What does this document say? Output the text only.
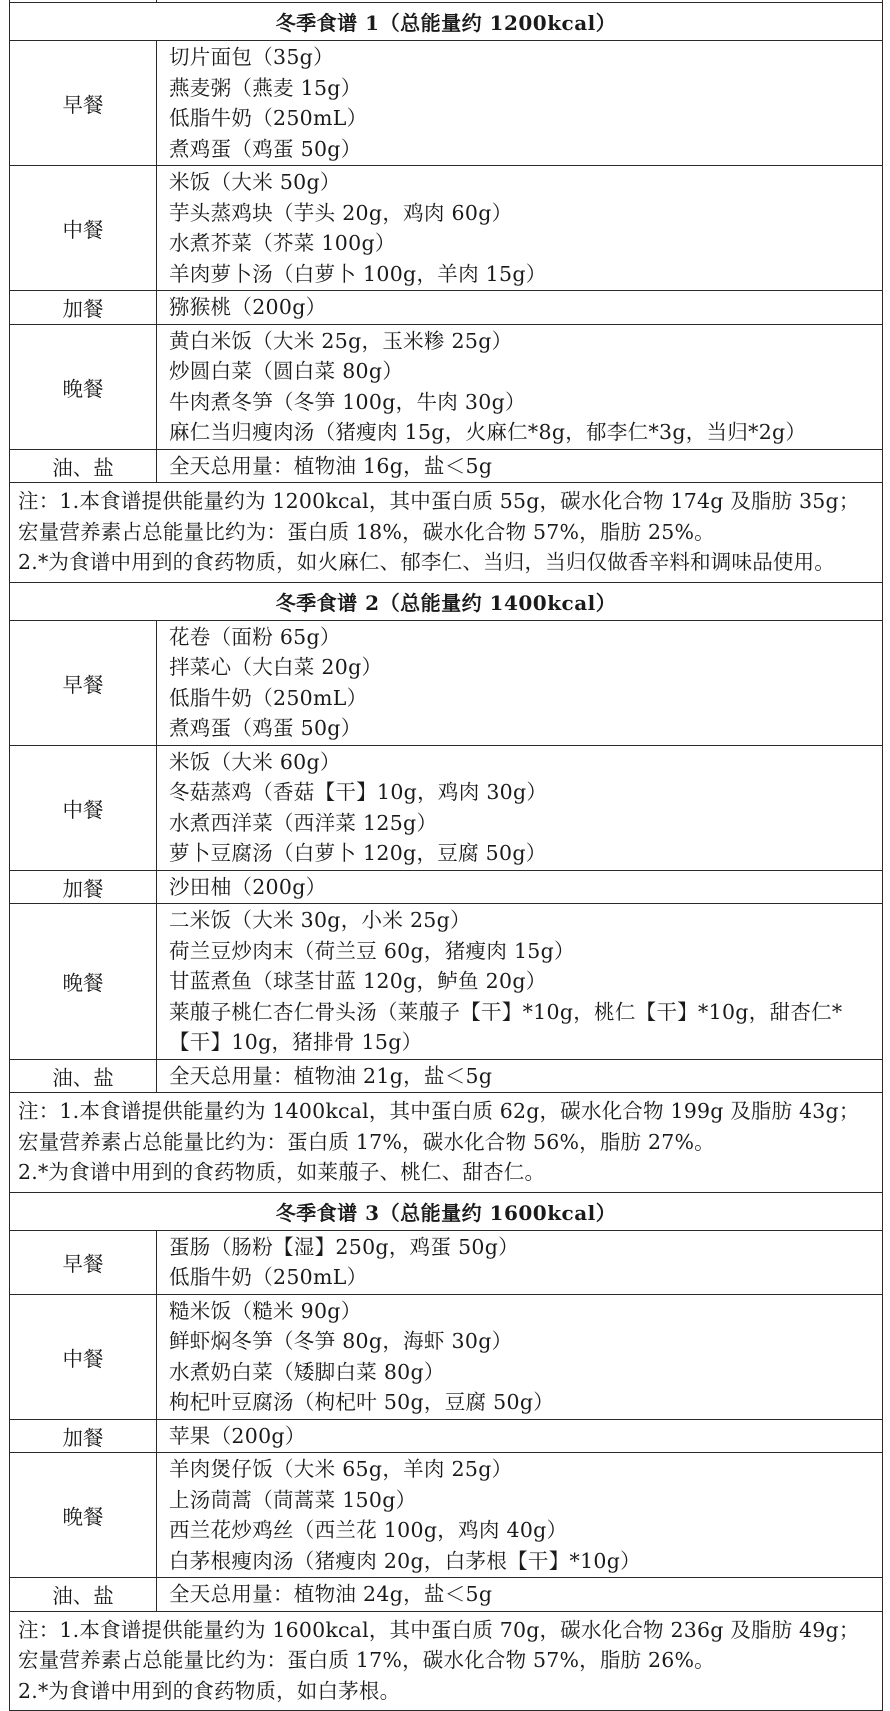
冬季食谱 1（总能量约 1200kcal）	
早餐	切片面包（35g）
燕麦粥（燕麦 15g）
低脂牛奶（250mL）
煮鸡蛋（鸡蛋 50g）

中餐	米饭（大米 50g）
芋头蒸鸡块（芋头 20g，鸡肉 60g）
水煮芥菜（芥菜 100g）
羊肉萝卜汤（白萝卜 100g，羊肉 15g）

加餐	猕猴桃（200g）

晚餐	黄白米饭（大米 25g，玉米糁 25g）
炒圆白菜（圆白菜 80g）
牛肉煮冬笋（冬笋 100g，牛肉 30g）
麻仁当归瘦肉汤（猪瘦肉 15g，火麻仁*8g，郁李仁*3g，当归*2g）

油、盐	全天总用量：植物油 16g，盐＜5g

注：1.本食谱提供能量约为 1200kcal，其中蛋白质 55g，碳水化合物 174g 及脂肪 35g；宏量营养素占总能量比约为：蛋白质 18%，碳水化合物 57%，脂肪 25%。
2.*为食谱中用到的食药物质，如火麻仁、郁李仁、当归，当归仅做香辛料和调味品使用。	

冬季食谱 2（总能量约 1400kcal）	
早餐	花卷（面粉 65g）
拌菜心（大白菜 20g）
低脂牛奶（250mL）
煮鸡蛋（鸡蛋 50g）

中餐	米饭（大米 60g）
冬菇蒸鸡（香菇【干】10g，鸡肉 30g）
水煮西洋菜（西洋菜 125g）
萝卜豆腐汤（白萝卜 120g，豆腐 50g）

加餐	沙田柚（200g）

晚餐	二米饭（大米 30g，小米 25g）
荷兰豆炒肉末（荷兰豆 60g，猪瘦肉 15g）
甘蓝煮鱼（球茎甘蓝 120g，鲈鱼 20g）
莱菔子桃仁杏仁骨头汤（莱菔子【干】*10g，桃仁【干】*10g，甜杏仁*【干】10g，猪排骨 15g）

油、盐	全天总用量：植物油 21g，盐＜5g

注：1.本食谱提供能量约为 1400kcal，其中蛋白质 62g，碳水化合物 199g 及脂肪 43g；宏量营养素占总能量比约为：蛋白质 17%，碳水化合物 56%，脂肪 27%。
2.*为食谱中用到的食药物质，如莱菔子、桃仁、甜杏仁。	

冬季食谱 3（总能量约 1600kcal）	
早餐	蛋肠（肠粉【湿】250g，鸡蛋 50g）
低脂牛奶（250mL）

中餐	糙米饭（糙米 90g）
鲜虾焖冬笋（冬笋 80g，海虾 30g）
水煮奶白菜（矮脚白菜 80g）
枸杞叶豆腐汤（枸杞叶 50g，豆腐 50g）

加餐	苹果（200g）

晚餐	羊肉煲仔饭（大米 65g，羊肉 25g）
上汤茼蒿（茼蒿菜 150g）
西兰花炒鸡丝（西兰花 100g，鸡肉 40g）
白茅根瘦肉汤（猪瘦肉 20g，白茅根【干】*10g）

油、盐	全天总用量：植物油 24g，盐＜5g

注：1.本食谱提供能量约为 1600kcal，其中蛋白质 70g，碳水化合物 236g 及脂肪 49g；宏量营养素占总能量比约为：蛋白质 17%，碳水化合物 57%，脂肪 26%。
2.*为食谱中用到的食药物质，如白茅根。	
